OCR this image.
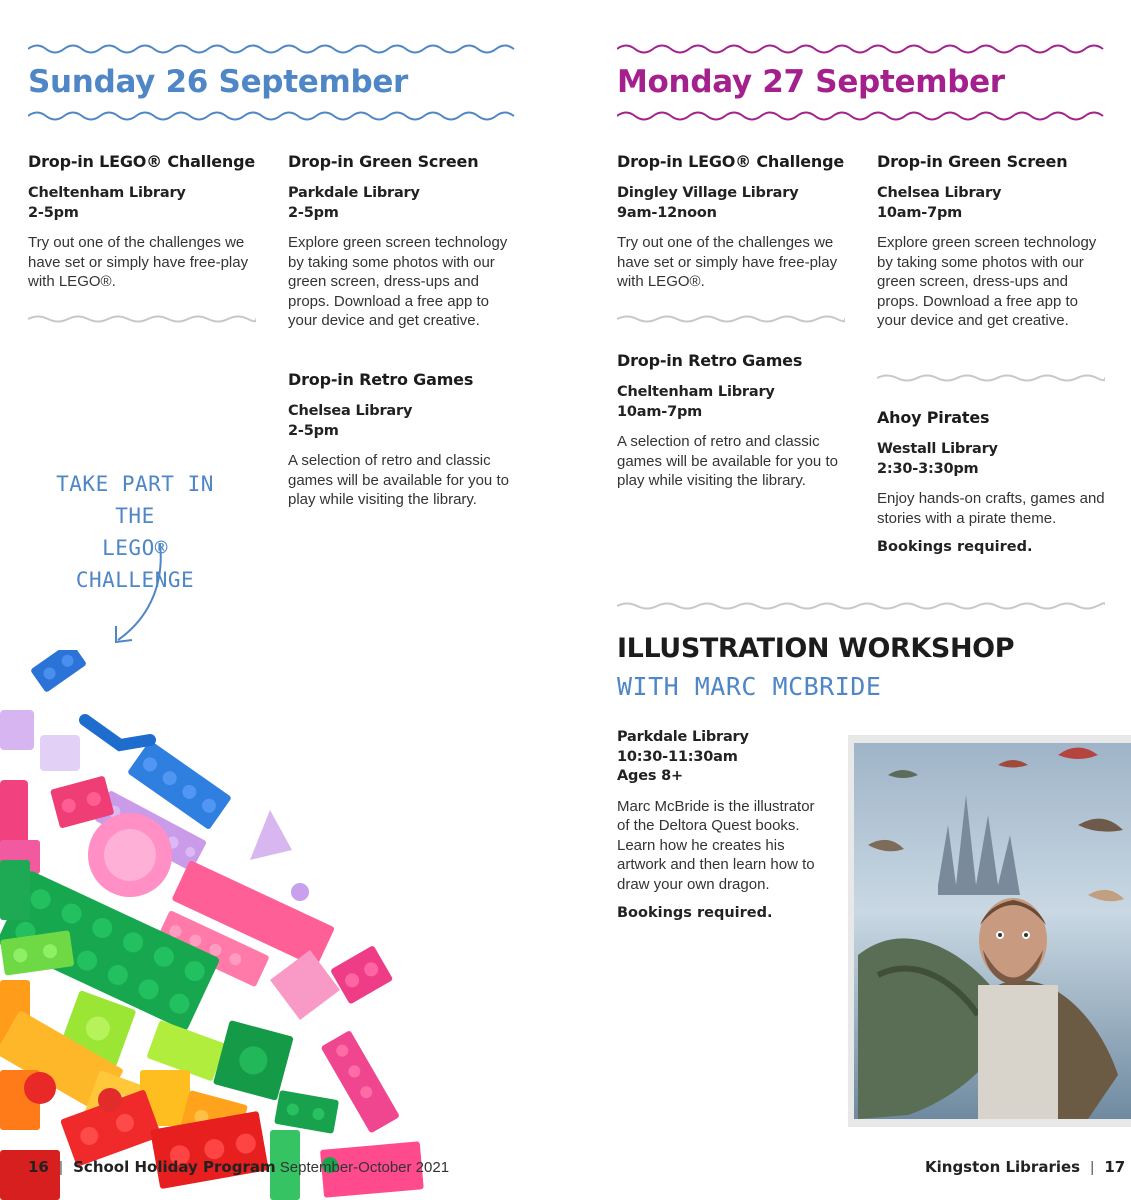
Sunday 26 September
Drop-in LEGO® Challenge
Cheltenham Library
2-5pm
Try out one of the challenges we have set or simply have free-play with LEGO®.
Drop-in Green Screen
Parkdale Library
2-5pm
Explore green screen technology by taking some photos with our green screen, dress-ups and props. Download a free app to your device and get creative.
Drop-in Retro Games
Chelsea Library
2-5pm
A selection of retro and classic games will be available for you to play while visiting the library.
TAKE PART IN THE
LEGO® CHALLENGE
16 | School Holiday Program September-October 2021
Monday 27 September
Drop-in LEGO® Challenge
Dingley Village Library
9am-12noon
Try out one of the challenges we have set or simply have free-play with LEGO®.
Drop-in Retro Games
Cheltenham Library
10am-7pm
A selection of retro and classic games will be available for you to play while visiting the library.
Drop-in Green Screen
Chelsea Library
10am-7pm
Explore green screen technology by taking some photos with our green screen, dress-ups and props. Download a free app to your device and get creative.
Ahoy Pirates
Westall Library
2:30-3:30pm
Enjoy hands-on crafts, games and stories with a pirate theme.
Bookings required.
ILLUSTRATION WORKSHOP
WITH MARC MCBRIDE
Parkdale Library
10:30-11:30am
Ages 8+
Marc McBride is the illustrator of the Deltora Quest books. Learn how he creates his artwork and then learn how to draw your own dragon.
Bookings required.
Kingston Libraries | 17
